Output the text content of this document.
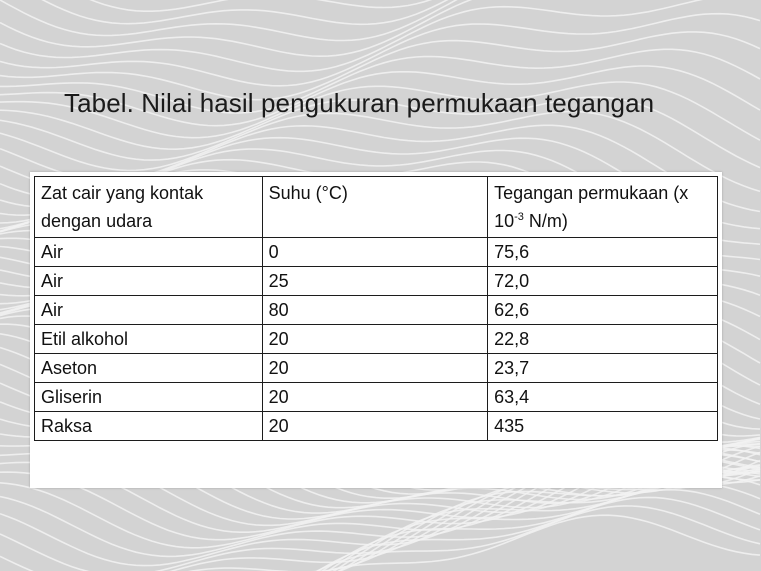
Tabel. Nilai hasil pengukuran permukaan tegangan
Zat cair yang kontak dengan udara	Suhu (°C)	Tegangan permukaan (x $10^{-3}$ N/m)
Air	0	75,6
Air	25	72,0
Air	80	62,6
Etil alkohol	20	22,8
Aseton	20	23,7
Gliserin	20	63,4
Raksa	20	435
